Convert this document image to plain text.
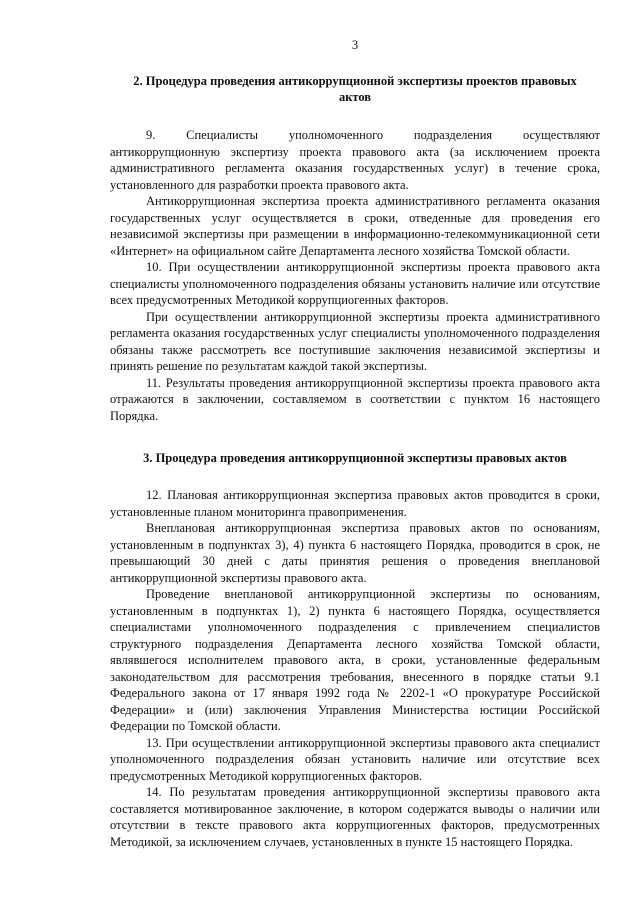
3
2. Процедура проведения антикоррупционной экспертизы проектов правовых актов

9. Специалисты уполномоченного подразделения осуществляют антикоррупционную экспертизу проекта правового акта (за исключением проекта административного регламента оказания государственных услуг) в течение срока, установленного для разработки проекта правового акта.

Антикоррупционная экспертиза проекта административного регламента оказания государственных услуг осуществляется в сроки, отведенные для проведения его независимой экспертизы при размещении в информационно-телекоммуникационной сети «Интернет» на официальном сайте Департамента лесного хозяйства Томской области.

10. При осуществлении антикоррупционной экспертизы проекта правового акта специалисты уполномоченного подразделения обязаны установить наличие или отсутствие всех предусмотренных Методикой коррупциогенных факторов.

При осуществлении антикоррупционной экспертизы проекта административного регламента оказания государственных услуг специалисты уполномоченного подразделения обязаны также рассмотреть все поступившие заключения независимой экспертизы и принять решение по результатам каждой такой экспертизы.

11. Результаты проведения антикоррупционной экспертизы проекта правового акта отражаются в заключении, составляемом в соответствии с пунктом 16 настоящего Порядка.

3. Процедура проведения антикоррупционной экспертизы правовых актов

12. Плановая антикоррупционная экспертиза правовых актов проводится в сроки, установленные планом мониторинга правоприменения.

Внеплановая антикоррупционная экспертиза правовых актов по основаниям, установленным в подпунктах 3), 4) пункта 6 настоящего Порядка, проводится в срок, не превышающий 30 дней с даты принятия решения о проведения внеплановой антикоррупционной экспертизы правового акта.

Проведение внеплановой антикоррупционной экспертизы по основаниям, установленным в подпунктах 1), 2) пункта 6 настоящего Порядка, осуществляется специалистами уполномоченного подразделения с привлечением специалистов структурного подразделения Департамента лесного хозяйства Томской области, являвшегося исполнителем правового акта, в сроки, установленные федеральным законодательством для рассмотрения требования, внесенного в порядке статьи 9.1 Федерального закона от 17 января 1992 года № 2202-1 «О прокуратуре Российской Федерации» и (или) заключения Управления Министерства юстиции Российской Федерации по Томской области.

13. При осуществлении антикоррупционной экспертизы правового акта специалист уполномоченного подразделения обязан установить наличие или отсутствие всех предусмотренных Методикой коррупциогенных факторов.

14. По результатам проведения антикоррупционной экспертизы правового акта составляется мотивированное заключение, в котором содержатся выводы о наличии или отсутствии в тексте правового акта коррупциогенных факторов, предусмотренных Методикой, за исключением случаев, установленных в пункте 15 настоящего Порядка.
